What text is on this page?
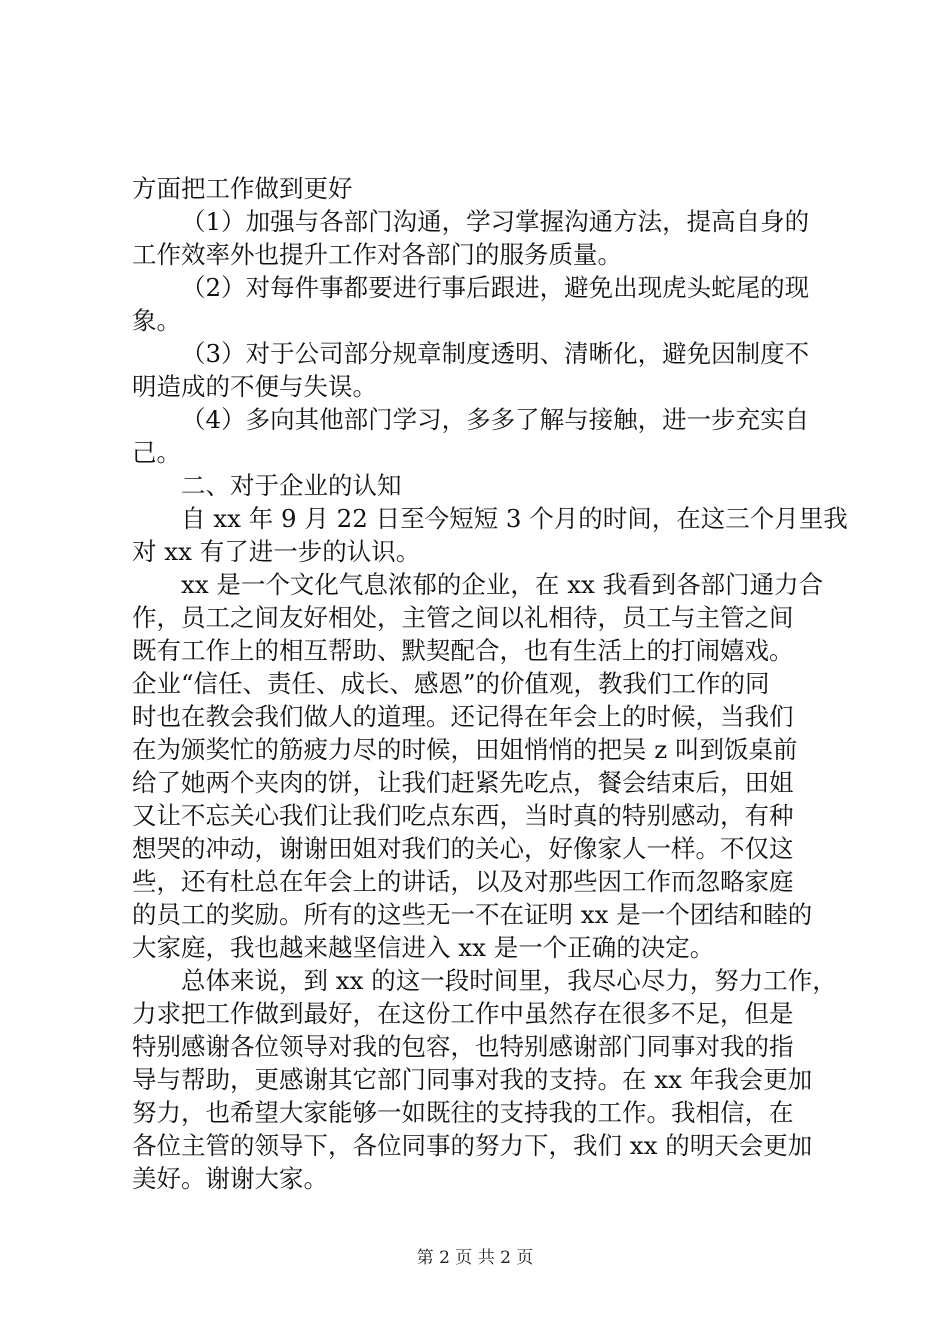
方面把工作做到更好
（1）加强与各部门沟通，学习掌握沟通方法，提高自身的
工作效率外也提升工作对各部门的服务质量。
（2）对每件事都要进行事后跟进，避免出现虎头蛇尾的现
象。
（3）对于公司部分规章制度透明、清晰化，避免因制度不
明造成的不便与失误。
（4）多向其他部门学习，多多了解与接触，进一步充实自
己。
二、对于企业的认知
自 xx 年 9 月 22 日至今短短 3 个月的时间，在这三个月里我
对 xx 有了进一步的认识。
xx 是一个文化气息浓郁的企业，在 xx 我看到各部门通力合
作，员工之间友好相处，主管之间以礼相待，员工与主管之间
既有工作上的相互帮助、默契配合，也有生活上的打闹嬉戏。
企业“信任、责任、成长、感恩”的价值观，教我们工作的同
时也在教会我们做人的道理。还记得在年会上的时候，当我们
在为颁奖忙的筋疲力尽的时候，田姐悄悄的把吴 z 叫到饭桌前
给了她两个夹肉的饼，让我们赶紧先吃点，餐会结束后，田姐
又让不忘关心我们让我们吃点东西，当时真的特别感动，有种
想哭的冲动，谢谢田姐对我们的关心，好像家人一样。不仅这
些，还有杜总在年会上的讲话，以及对那些因工作而忽略家庭
的员工的奖励。所有的这些无一不在证明 xx 是一个团结和睦的
大家庭，我也越来越坚信进入 xx 是一个正确的决定。
总体来说，到 xx 的这一段时间里，我尽心尽力，努力工作，
力求把工作做到最好，在这份工作中虽然存在很多不足，但是
特别感谢各位领导对我的包容，也特别感谢部门同事对我的指
导与帮助，更感谢其它部门同事对我的支持。在 xx 年我会更加
努力，也希望大家能够一如既往的支持我的工作。我相信，在
各位主管的领导下，各位同事的努力下，我们 xx 的明天会更加
美好。谢谢大家。
第 2 页 共 2 页
